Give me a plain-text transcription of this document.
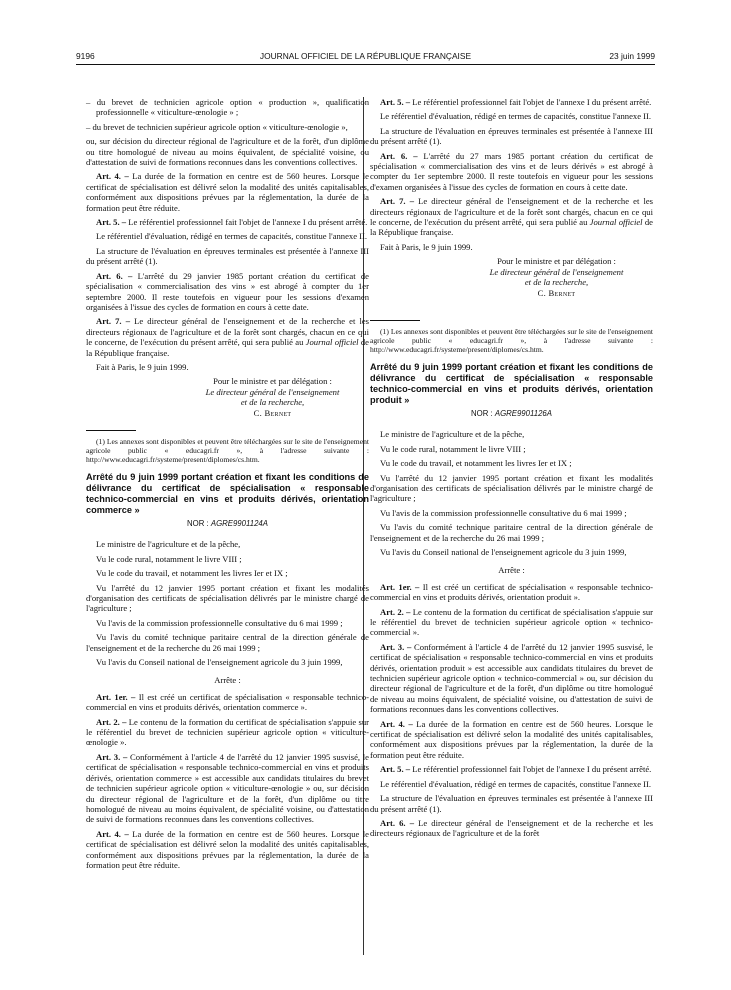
9196	JOURNAL OFFICIEL DE LA RÉPUBLIQUE FRANÇAISE	23 juin 1999

– du brevet de technicien agricole option « production », qualification professionnelle « viticulture-œnologie » ;

– du brevet de technicien supérieur agricole option « viticulture-œnologie »,

ou, sur décision du directeur régional de l'agriculture et de la forêt, d'un diplôme ou titre homologué de niveau au moins équivalent, de spécialité voisine, ou d'attestation de suivi de formations reconnues dans les conventions collectives.

Art. 4. – La durée de la formation en centre est de 560 heures. Lorsque le certificat de spécialisation est délivré selon la modalité des unités capitalisables, conformément aux dispositions prévues par la réglementation, la durée de la formation peut être réduite.

Art. 5. – Le référentiel professionnel fait l'objet de l'annexe I du présent arrêté.

Le référentiel d'évaluation, rédigé en termes de capacités, constitue l'annexe II.

La structure de l'évaluation en épreuves terminales est présentée à l'annexe III du présent arrêté (1).

Art. 6. – L'arrêté du 29 janvier 1985 portant création du certificat de spécialisation « commercialisation des vins » est abrogé à compter du 1er septembre 2000. Il reste toutefois en vigueur pour les sessions d'examen organisées à l'issue des cycles de formation en cours à cette date.

Art. 7. – Le directeur général de l'enseignement et de la recherche et les directeurs régionaux de l'agriculture et de la forêt sont chargés, chacun en ce qui le concerne, de l'exécution du présent arrêté, qui sera publié au Journal officiel de la République française.

Fait à Paris, le 9 juin 1999.

Pour le ministre et par délégation :
Le directeur général de l'enseignement
et de la recherche,
C. Bernet

(1) Les annexes sont disponibles et peuvent être téléchargées sur le site de l'enseignement agricole public « educagri.fr », à l'adresse suivante : http://www.educagri.fr/systeme/present/diplomes/cs.htm.

Arrêté du 9 juin 1999 portant création et fixant les conditions de délivrance du certificat de spécialisation « responsable technico-commercial en vins et produits dérivés, orientation commerce »
NOR : AGRE9901124A

Le ministre de l'agriculture et de la pêche,

Vu le code rural, notamment le livre VIII ;

Vu le code du travail, et notamment les livres Ier et IX ;

Vu l'arrêté du 12 janvier 1995 portant création et fixant les modalités d'organisation des certificats de spécialisation délivrés par le ministre chargé de l'agriculture ;

Vu l'avis de la commission professionnelle consultative du 6 mai 1999 ;

Vu l'avis du comité technique paritaire central de la direction générale de l'enseignement et de la recherche du 26 mai 1999 ;

Vu l'avis du Conseil national de l'enseignement agricole du 3 juin 1999,

Arrête :

Art. 1er. – Il est créé un certificat de spécialisation « responsable technico-commercial en vins et produits dérivés, orientation commerce ».

Art. 2. – Le contenu de la formation du certificat de spécialisation s'appuie sur le référentiel du brevet de technicien supérieur agricole option « viticulture-œnologie ».

Art. 3. – Conformément à l'article 4 de l'arrêté du 12 janvier 1995 susvisé, le certificat de spécialisation « responsable technico-commercial en vins et produits dérivés, orientation commerce » est accessible aux candidats titulaires du brevet de technicien supérieur agricole option « viticulture-œnologie » ou, sur décision du directeur régional de l'agriculture et de la forêt, d'un diplôme ou titre homologué de niveau au moins équivalent, de spécialité voisine, ou d'attestation de suivi de formations reconnues dans les conventions collectives.

Art. 4. – La durée de la formation en centre est de 560 heures. Lorsque le certificat de spécialisation est délivré selon la modalité des unités capitalisables, conformément aux dispositions prévues par la réglementation, la durée de la formation peut être réduite.

Art. 5. – Le référentiel professionnel fait l'objet de l'annexe I du présent arrêté.

Le référentiel d'évaluation, rédigé en termes de capacités, constitue l'annexe II.

La structure de l'évaluation en épreuves terminales est présentée à l'annexe III du présent arrêté (1).

Art. 6. – L'arrêté du 27 mars 1985 portant création du certificat de spécialisation « commercialisation des vins et de leurs dérivés » est abrogé à compter du 1er septembre 2000. Il reste toutefois en vigueur pour les sessions d'examen organisées à l'issue des cycles de formation en cours à cette date.

Art. 7. – Le directeur général de l'enseignement et de la recherche et les directeurs régionaux de l'agriculture et de la forêt sont chargés, chacun en ce qui le concerne, de l'exécution du présent arrêté, qui sera publié au Journal officiel de la République française.

Fait à Paris, le 9 juin 1999.

Pour le ministre et par délégation :
Le directeur général de l'enseignement
et de la recherche,
C. Bernet

(1) Les annexes sont disponibles et peuvent être téléchargées sur le site de l'enseignement agricole public « educagri.fr », à l'adresse suivante : http://www.educagri.fr/systeme/present/diplomes/cs.htm.

Arrêté du 9 juin 1999 portant création et fixant les conditions de délivrance du certificat de spécialisation « responsable technico-commercial en vins et produits dérivés, orientation produit »
NOR : AGRE9901126A

Le ministre de l'agriculture et de la pêche,

Vu le code rural, notamment le livre VIII ;

Vu le code du travail, et notamment les livres Ier et IX ;

Vu l'arrêté du 12 janvier 1995 portant création et fixant les modalités d'organisation des certificats de spécialisation délivrés par le ministre chargé de l'agriculture ;

Vu l'avis de la commission professionnelle consultative du 6 mai 1999 ;

Vu l'avis du comité technique paritaire central de la direction générale de l'enseignement et de la recherche du 26 mai 1999 ;

Vu l'avis du Conseil national de l'enseignement agricole du 3 juin 1999,

Arrête :

Art. 1er. – Il est créé un certificat de spécialisation « responsable technico-commercial en vins et produits dérivés, orientation produit ».

Art. 2. – Le contenu de la formation du certificat de spécialisation s'appuie sur le référentiel du brevet de technicien supérieur agricole option « technico-commercial ».

Art. 3. – Conformément à l'article 4 de l'arrêté du 12 janvier 1995 susvisé, le certificat de spécialisation « responsable technico-commercial en vins et produits dérivés, orientation produit » est accessible aux candidats titulaires du brevet de technicien supérieur agricole option « technico-commercial » ou, sur décision du directeur régional de l'agriculture et de la forêt, d'un diplôme ou titre homologué de niveau au moins équivalent, de spécialité voisine, ou d'attestation de suivi de formations reconnues dans les conventions collectives.

Art. 4. – La durée de la formation en centre est de 560 heures. Lorsque le certificat de spécialisation est délivré selon la modalité des unités capitalisables, conformément aux dispositions prévues par la réglementation, la durée de la formation peut être réduite.

Art. 5. – Le référentiel professionnel fait l'objet de l'annexe I du présent arrêté.

Le référentiel d'évaluation, rédigé en termes de capacités, constitue l'annexe II.

La structure de l'évaluation en épreuves terminales est présentée à l'annexe III du présent arrêté (1).

Art. 6. – Le directeur général de l'enseignement et de la recherche et les directeurs régionaux de l'agriculture et de la forêt
